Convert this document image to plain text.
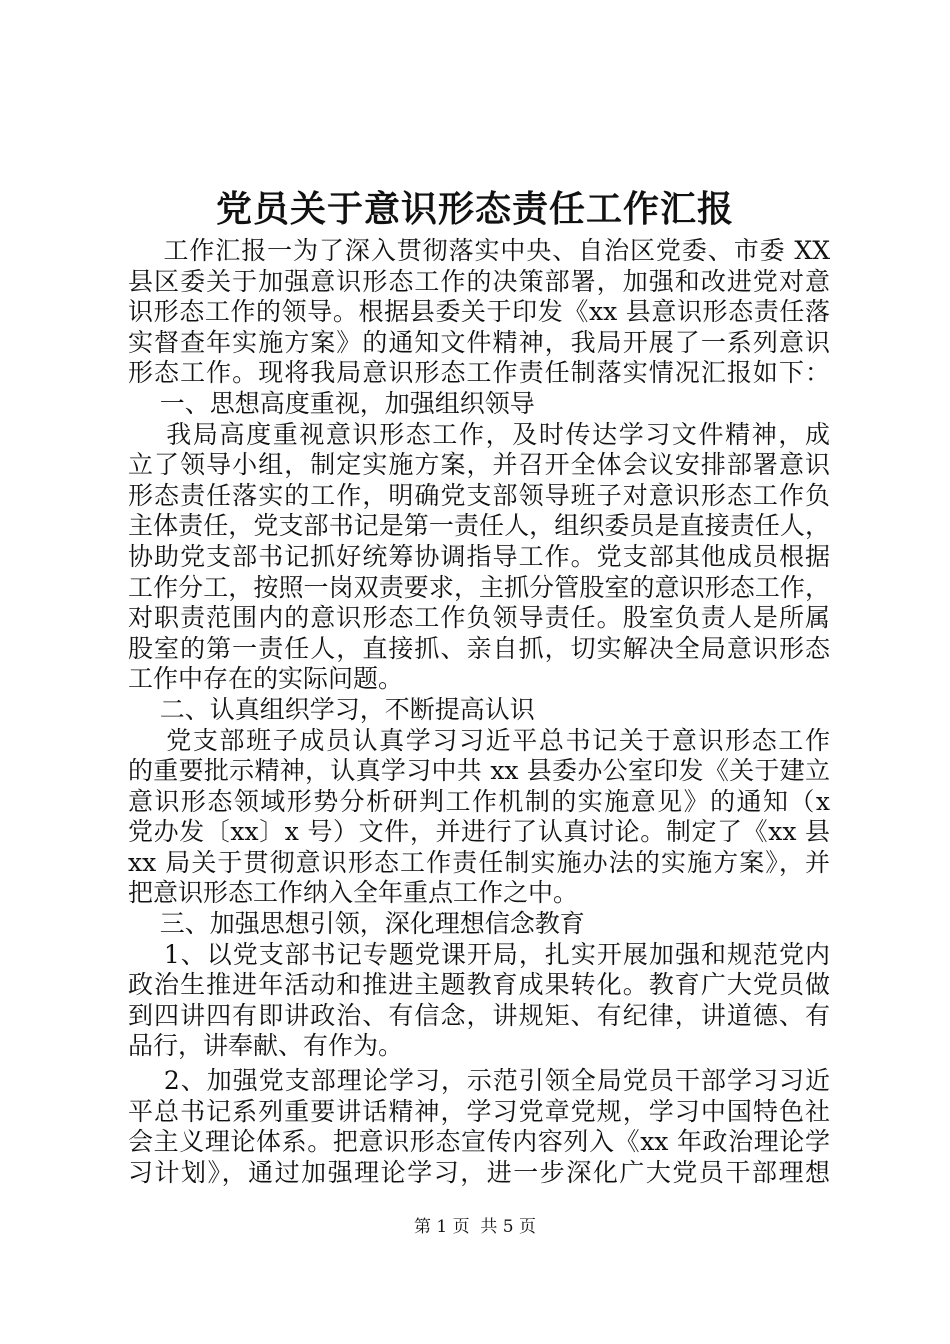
党员关于意识形态责任工作汇报
工作汇报一为了深入贯彻落实中央、自治区党委、市委 XX
县区委关于加强意识形态工作的决策部署，加强和改进党对意
识形态工作的领导。根据县委关于印发《xx 县意识形态责任落
实督查年实施方案》的通知文件精神，我局开展了一系列意识
形态工作。现将我局意识形态工作责任制落实情况汇报如下：
一、思想高度重视，加强组织领导
我局高度重视意识形态工作，及时传达学习文件精神，成
立了领导小组，制定实施方案，并召开全体会议安排部署意识
形态责任落实的工作，明确党支部领导班子对意识形态工作负
主体责任，党支部书记是第一责任人，组织委员是直接责任人，
协助党支部书记抓好统筹协调指导工作。党支部其他成员根据
工作分工，按照一岗双责要求，主抓分管股室的意识形态工作，
对职责范围内的意识形态工作负领导责任。股室负责人是所属
股室的第一责任人，直接抓、亲自抓，切实解决全局意识形态
工作中存在的实际问题。
二、认真组织学习，不断提高认识
党支部班子成员认真学习习近平总书记关于意识形态工作
的重要批示精神，认真学习中共 xx 县委办公室印发《关于建立
意识形态领域形势分析研判工作机制的实施意见》的通知（x
党办发〔xx〕x 号）文件，并进行了认真讨论。制定了《xx 县
xx 局关于贯彻意识形态工作责任制实施办法的实施方案》，并
把意识形态工作纳入全年重点工作之中。
三、加强思想引领，深化理想信念教育
1、以党支部书记专题党课开局，扎实开展加强和规范党内
政治生推进年活动和推进主题教育成果转化。教育广大党员做
到四讲四有即讲政治、有信念，讲规矩、有纪律，讲道德、有
品行，讲奉献、有作为。
2、加强党支部理论学习，示范引领全局党员干部学习习近
平总书记系列重要讲话精神，学习党章党规，学习中国特色社
会主义理论体系。把意识形态宣传内容列入《xx 年政治理论学
习计划》，通过加强理论学习，进一步深化广大党员干部理想
第 1 页  共 5 页
